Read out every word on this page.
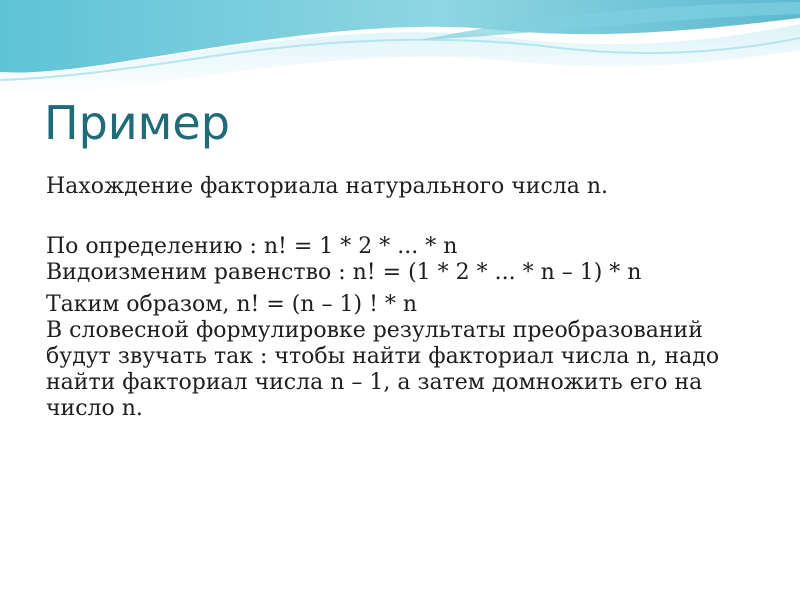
Пример

Нахождение факториала натурального числа n.

По определению : n! = 1 * 2 * ... * n

Видоизменим равенство : n! = (1 * 2 * ... * n – 1) * n

Таким образом, n! = (n – 1) ! * n

В словесной формулировке результаты преобразований будут звучать так : чтобы найти факториал числа n, надо найти факториал числа n – 1, а затем домножить его на число n.
